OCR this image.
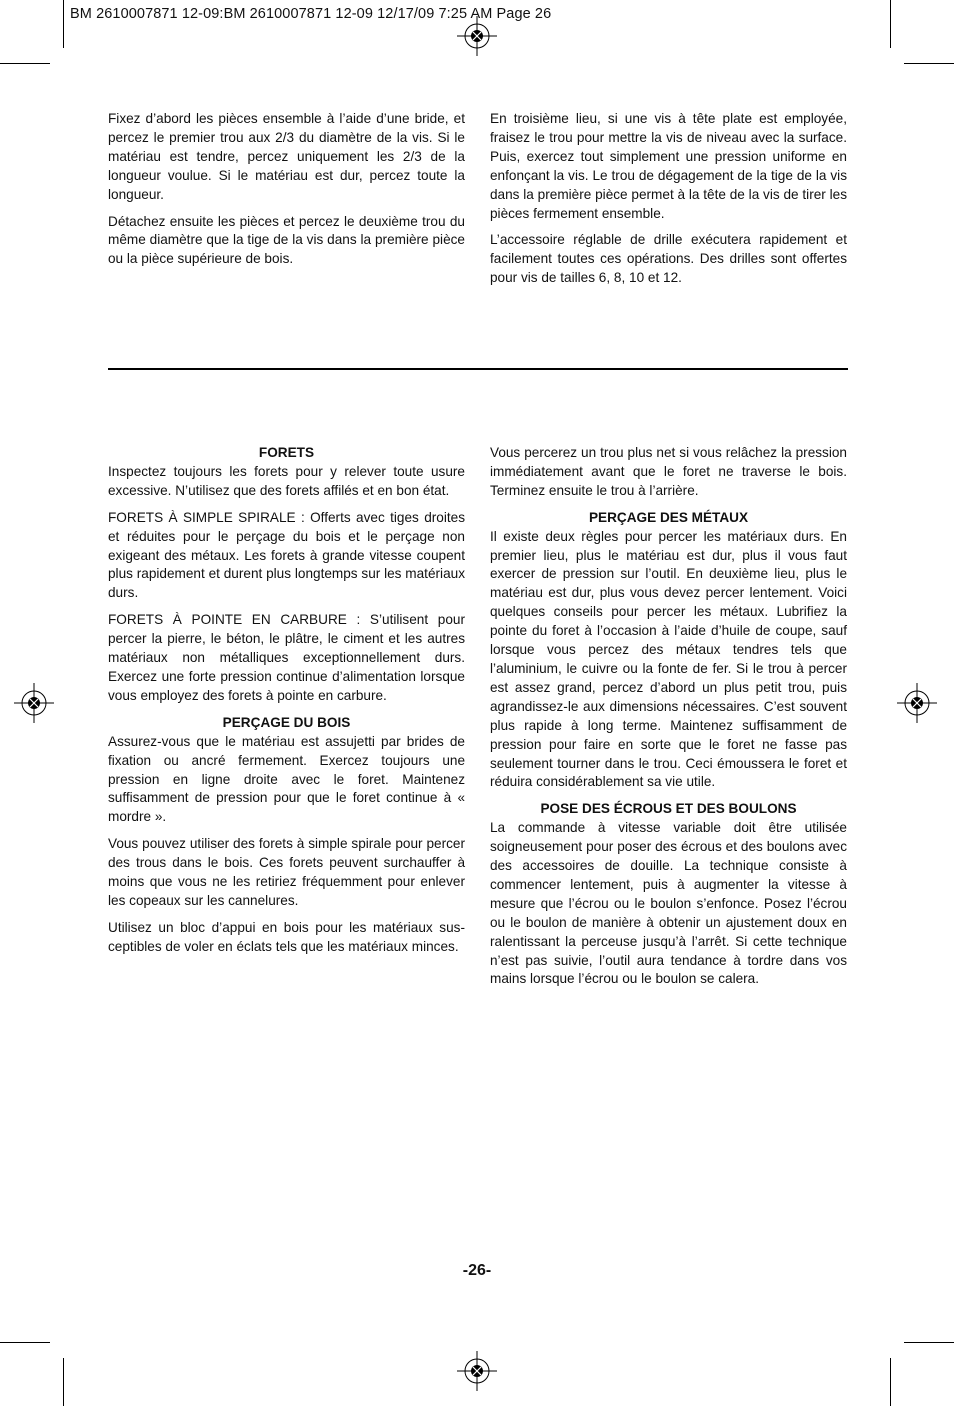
BM 2610007871 12-09:BM 2610007871 12-09 12/17/09 7:25 AM Page 26

Fixez d’abord les pièces ensemble à l’aide d’une bride, et percez le premier trou aux 2/3 du diamètre de la vis. Si le matériau est tendre, percez uniquement les 2/3 de la longueur voulue. Si le matériau est dur, percez toute la longueur.

Détachez ensuite les pièces et percez le deuxième trou du même diamètre que la tige de la vis dans la première pièce ou la pièce supérieure de bois.

En troisième lieu, si une vis à tête plate est employée, fraisez le trou pour mettre la vis de niveau avec la surface. Puis, exercez tout simplement une pression uniforme en enfonçant la vis. Le trou de dégagement de la tige de la vis dans la première pièce permet à la tête de la vis de tirer les pièces fermement ensemble.

L’accessoire réglable de drille exécutera rapidement et facilement toutes ces opérations. Des drilles sont offertes pour vis de tailles 6, 8, 10 et 12.

FORETS

Inspectez toujours les forets pour y relever toute usure excessive. N’utilisez que des forets affilés et en bon état.

FORETS À SIMPLE SPIRALE : Offerts avec tiges droites et réduites pour le perçage du bois et le perçage non exigeant des métaux. Les forets à grande vitesse coupent plus rapidement et durent plus longtemps sur les matériaux durs.

FORETS À POINTE EN CARBURE : S’utilisent pour percer la pierre, le béton, le plâtre, le ciment et les autres matériaux non métalliques exceptionnellement durs. Exercez une forte pression continue d’alimentation lorsque vous employez des forets à pointe en carbure.

PERÇAGE DU BOIS

Assurez-vous que le matériau est assujetti par brides de fixation ou ancré fermement. Exercez toujours une pression en ligne droite avec le foret. Maintenez suffisamment de pression pour que le foret continue à « mordre ».

Vous pouvez utiliser des forets à simple spirale pour percer des trous dans le bois. Ces forets peuvent surchauffer à moins que vous ne les retiriez fréquemment pour enlever les copeaux sur les cannelures.

Utilisez un bloc d’appui en bois pour les matériaux sus-ceptibles de voler en éclats tels que les matériaux minces.

Vous percerez un trou plus net si vous relâchez la pression immédiatement avant que le foret ne traverse le bois. Terminez ensuite le trou à l’arrière.

PERÇAGE DES MÉTAUX

Il existe deux règles pour percer les matériaux durs. En premier lieu, plus le matériau est dur, plus il vous faut exercer de pression sur l’outil. En deuxième lieu, plus le matériau est dur, plus vous devez percer lentement. Voici quelques conseils pour percer les métaux. Lubrifiez la pointe du foret à l’occasion à l’aide d’huile de coupe, sauf lorsque vous percez des métaux tendres tels que l’aluminium, le cuivre ou la fonte de fer. Si le trou à percer est assez grand, percez d’abord un plus petit trou, puis agrandissez-le aux dimensions nécessaires. C’est souvent plus rapide à long terme. Maintenez suffisamment de pression pour faire en sorte que le foret ne fasse pas seulement tourner dans le trou. Ceci émoussera le foret et réduira considérablement sa vie utile.

POSE DES ÉCROUS ET DES BOULONS

La commande à vitesse variable doit être utilisée soigneusement pour poser des écrous et des boulons avec des accessoires de douille. La technique consiste à commencer lentement, puis à augmenter la vitesse à mesure que l’écrou ou le boulon s’enfonce. Posez l’écrou ou le boulon de manière à obtenir un ajustement doux en ralentissant la perceuse jusqu’à l’arrêt. Si cette technique n’est pas suivie, l’outil aura tendance à tordre dans vos mains lorsque l’écrou ou le boulon se calera.

-26-
